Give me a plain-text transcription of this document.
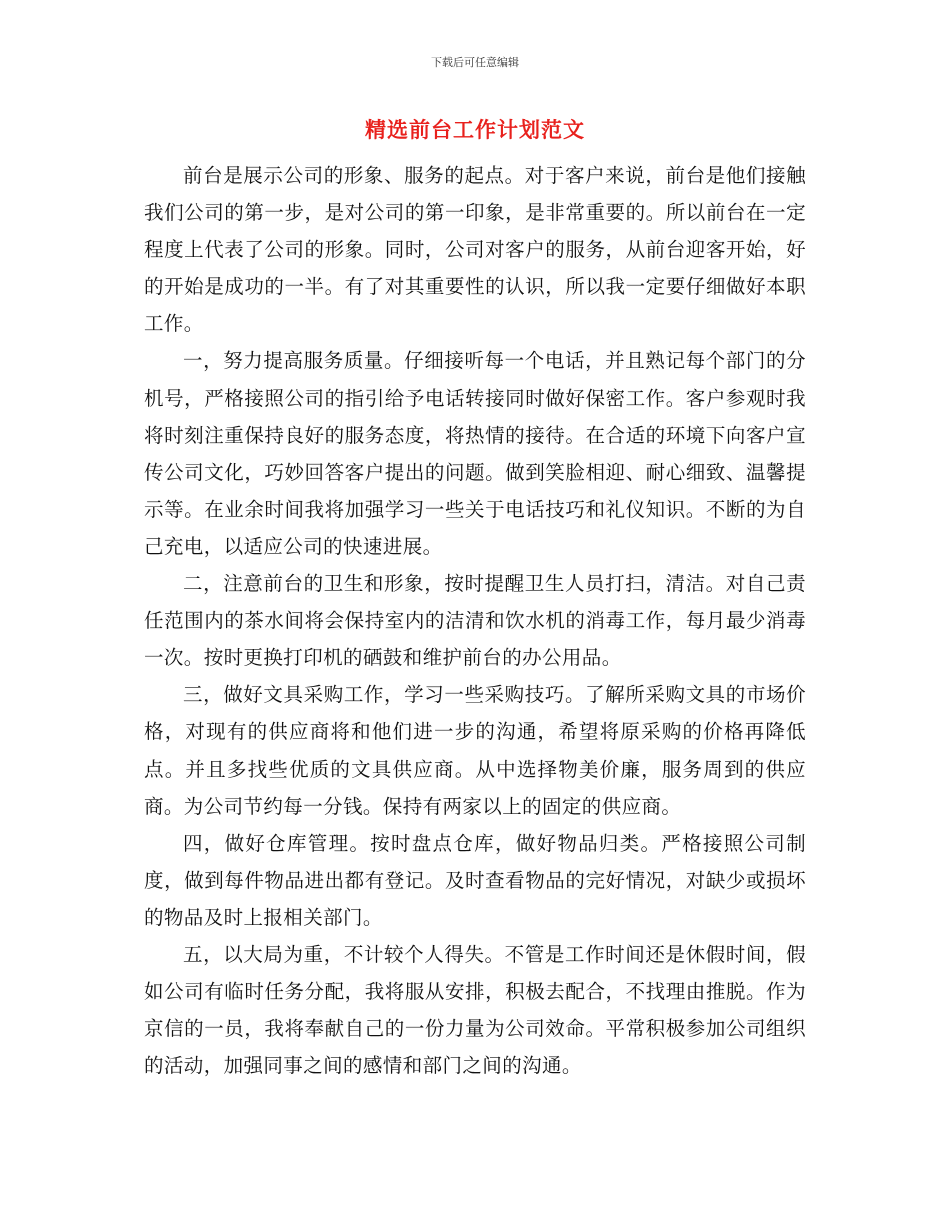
下载后可任意编辑
精选前台工作计划范文

前台是展示公司的形象、服务的起点。对于客户来说，前台是他们接触我们公司的第一步，是对公司的第一印象，是非常重要的。所以前台在一定程度上代表了公司的形象。同时，公司对客户的服务，从前台迎客开始，好的开始是成功的一半。有了对其重要性的认识，所以我一定要仔细做好本职工作。

一，努力提高服务质量。仔细接听每一个电话，并且熟记每个部门的分机号，严格接照公司的指引给予电话转接同时做好保密工作。客户参观时我将时刻注重保持良好的服务态度，将热情的接待。在合适的环境下向客户宣传公司文化，巧妙回答客户提出的问题。做到笑脸相迎、耐心细致、温馨提示等。在业余时间我将加强学习一些关于电话技巧和礼仪知识。不断的为自己充电，以适应公司的快速进展。

二，注意前台的卫生和形象，按时提醒卫生人员打扫，清洁。对自己责任范围内的茶水间将会保持室内的洁清和饮水机的消毒工作，每月最少消毒一次。按时更换打印机的硒鼓和维护前台的办公用品。

三，做好文具采购工作，学习一些采购技巧。了解所采购文具的市场价格，对现有的供应商将和他们进一步的沟通，希望将原采购的价格再降低点。并且多找些优质的文具供应商。从中选择物美价廉，服务周到的供应商。为公司节约每一分钱。保持有两家以上的固定的供应商。

四，做好仓库管理。按时盘点仓库，做好物品归类。严格接照公司制度，做到每件物品进出都有登记。及时查看物品的完好情况，对缺少或损坏的物品及时上报相关部门。

五，以大局为重，不计较个人得失。不管是工作时间还是休假时间，假如公司有临时任务分配，我将服从安排，积极去配合，不找理由推脱。作为京信的一员，我将奉献自己的一份力量为公司效命。平常积极参加公司组织的活动，加强同事之间的感情和部门之间的沟通。
